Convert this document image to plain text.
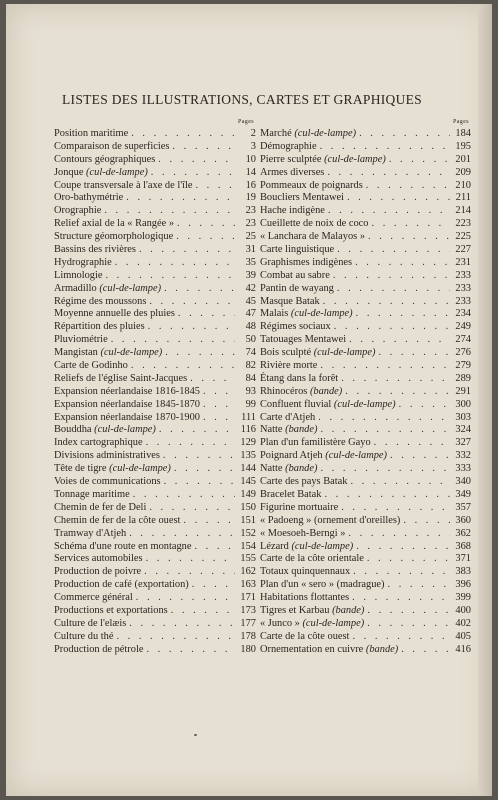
LISTES DES ILLUSTRATIONS, CARTES ET GRAPHIQUES
Pages
Position maritime . . .	2
Comparaison de superficies . . .	3
Contours géographiques . . .	10
Jonque (cul-de-lampe) . . .	14
Coupe transversale à l'axe de l'île . . .	16
Oro-bathymétrie . . .	19
Orographie . . .	23
Relief axial de la « Rangée » . . .	23
Structure géomorphologique . . .	25
Bassins des rivières . . .	31
Hydrographie . . .	35
Limnologie . . .	39
Armadillo (cul-de-lampe) . . .	42
Régime des moussons . . .	45
Moyenne annuelle des pluies . . .	47
Répartition des pluies . . .	48
Pluviométrie . . .	50
Mangistan (cul-de-lampe) . . .	74
Carte de Godinho . . .	82
Reliefs de l'église Saint-Jacques . . .	84
Expansion néerlandaise 1816-1845 . . .	93
Expansion néerlandaise 1845-1870 . . .	99
Expansion néerlandaise 1870-1900 . . .	111
Bouddha (cul-de-lampe) . . .	116
Index cartographique . . .	129
Divisions administratives . . .	135
Tête de tigre (cul-de-lampe) . . .	144
Voies de communications . . .	145
Tonnage maritime . . .	149
Chemin de fer de Deli . . .	150
Chemin de fer de la côte ouest . . .	151
Tramway d'Atjeh . . .	152
Schéma d'une route en montagne . . .	154
Services automobiles . . .	155
Production de poivre . . .	162
Production de café (exportation) . . .	163
Commerce général . . .	171
Productions et exportations . . .	173
Culture de l'elæis . . .	177
Culture du thé . . .	178
Production de pétrole . . .	180
Pages
Marché (cul-de-lampe) . . .	184
Démographie . . .	195
Pierre sculptée (cul-de-lampe) . . .	201
Armes diverses . . .	209
Pommeaux de poignards . . .	210
Boucliers Mentawei . . .	211
Hache indigène . . .	214
Cueillette de noix de coco . . .	223
« Lanchara de Malayos » . . .	225
Carte linguistique . . .	227
Graphismes indigènes . . .	231
Combat au sabre . . .	233
Pantin de wayang . . .	233
Masque Batak . . .	233
Malais (cul-de-lampe) . . .	234
Régimes sociaux . . .	249
Tatouages Mentawei . . .	274
Bois sculpté (cul-de-lampe) . . .	276
Rivière morte . . .	279
Étang dans la forêt . . .	289
Rhinocéros (bande) . . .	291
Confluent fluvial (cul-de-lampe) . . .	300
Carte d'Atjeh . . .	303
Natte (bande) . . .	324
Plan d'un familistère Gayo . . .	327
Poignard Atjeh (cul-de-lampe) . . .	332
Natte (bande) . . .	333
Carte des pays Batak . . .	340
Bracelet Batak . . .	349
Figurine mortuaire . . .	357
« Padoeng » (ornement d'oreilles) . . .	360
« Moesoeh-Berngi » . . .	362
Lézard (cul-de-lampe) . . .	368
Carte de la côte orientale . . .	371
Totaux quinquennaux . . .	383
Plan d'un « sero » (madrague) . . .	396
Habitations flottantes . . .	399
Tigres et Karbau (bande) . . .	400
« Junco » (cul-de-lampe) . . .	402
Carte de la côte ouest . . .	405
Ornementation en cuivre (bande) . . .	416
